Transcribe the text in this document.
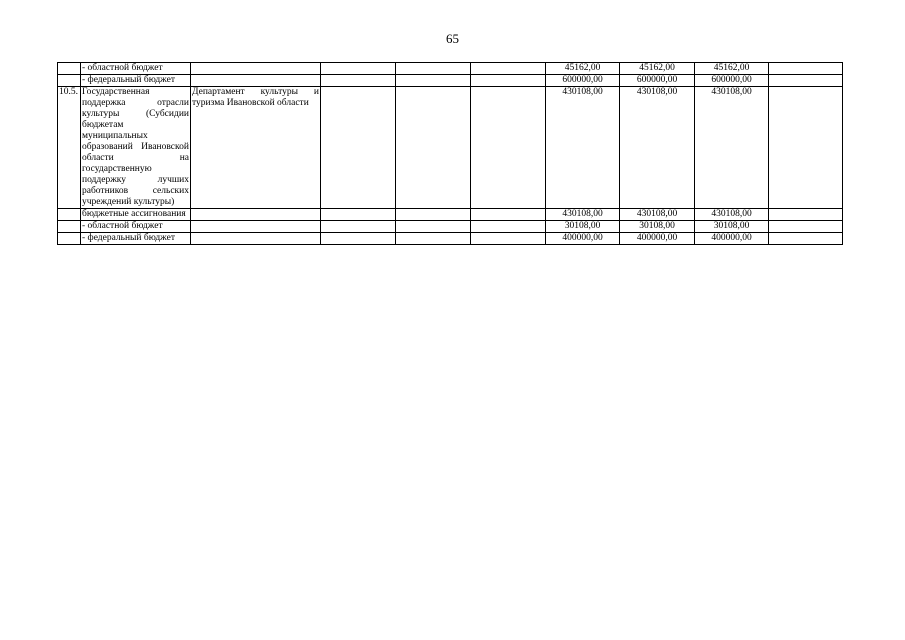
65
	- областной бюджет					45162,00	45162,00	45162,00	
	- федеральный бюджет					600000,00	600000,00	600000,00	
10.5.	Государственная поддержка отрасли культуры (Субсидии бюджетам муниципальных образований Ивановской области на государственную поддержку лучших работников сельских учреждений культуры)	Департамент культуры и туризма Ивановской области				430108,00	430108,00	430108,00	
	бюджетные ассигнования					430108,00	430108,00	430108,00	
	- областной бюджет					30108,00	30108,00	30108,00	
	- федеральный бюджет					400000,00	400000,00	400000,00	
